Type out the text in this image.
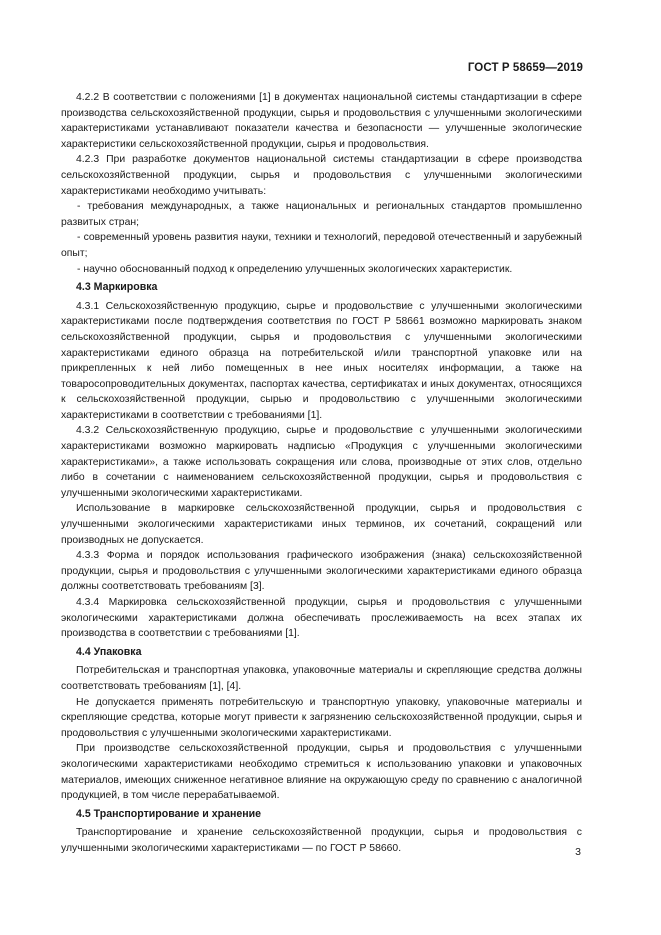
ГОСТ Р 58659—2019

4.2.2 В соответствии с положениями [1] в документах национальной системы стандартизации в сфере производства сельскохозяйственной продукции, сырья и продовольствия с улучшенными экологическими характеристиками устанавливают показатели качества и безопасности — улучшенные экологические характеристики сельскохозяйственной продукции, сырья и продовольствия.

4.2.3 При разработке документов национальной системы стандартизации в сфере производства сельскохозяйственной продукции, сырья и продовольствия с улучшенными экологическими характеристиками необходимо учитывать:

- требования международных, а также национальных и региональных стандартов промышленно развитых стран;

- современный уровень развития науки, техники и технологий, передовой отечественный и зарубежный опыт;

- научно обоснованный подход к определению улучшенных экологических характеристик.

4.3 Маркировка

4.3.1 Сельскохозяйственную продукцию, сырье и продовольствие с улучшенными экологическими характеристиками после подтверждения соответствия по ГОСТ Р 58661 возможно маркировать знаком сельскохозяйственной продукции, сырья и продовольствия с улучшенными экологическими характеристиками единого образца на потребительской и/или транспортной упаковке или на прикрепленных к ней либо помещенных в нее иных носителях информации, а также на товаросопроводительных документах, паспортах качества, сертификатах и иных документах, относящихся к сельскохозяйственной продукции, сырью и продовольствию с улучшенными экологическими характеристиками в соответствии с требованиями [1].

4.3.2 Сельскохозяйственную продукцию, сырье и продовольствие с улучшенными экологическими характеристиками возможно маркировать надписью «Продукция с улучшенными экологическими характеристиками», а также использовать сокращения или слова, производные от этих слов, отдельно либо в сочетании с наименованием сельскохозяйственной продукции, сырья и продовольствия с улучшенными экологическими характеристиками.

Использование в маркировке сельскохозяйственной продукции, сырья и продовольствия с улучшенными экологическими характеристиками иных терминов, их сочетаний, сокращений или производных не допускается.

4.3.3 Форма и порядок использования графического изображения (знака) сельскохозяйственной продукции, сырья и продовольствия с улучшенными экологическими характеристиками единого образца должны соответствовать требованиям [3].

4.3.4 Маркировка сельскохозяйственной продукции, сырья и продовольствия с улучшенными экологическими характеристиками должна обеспечивать прослеживаемость на всех этапах их производства в соответствии с требованиями [1].

4.4 Упаковка

Потребительская и транспортная упаковка, упаковочные материалы и скрепляющие средства должны соответствовать требованиям [1], [4].

Не допускается применять потребительскую и транспортную упаковку, упаковочные материалы и скрепляющие средства, которые могут привести к загрязнению сельскохозяйственной продукции, сырья и продовольствия с улучшенными экологическими характеристиками.

При производстве сельскохозяйственной продукции, сырья и продовольствия с улучшенными экологическими характеристиками необходимо стремиться к использованию упаковки и упаковочных материалов, имеющих сниженное негативное влияние на окружающую среду по сравнению с аналогичной продукцией, в том числе перерабатываемой.

4.5 Транспортирование и хранение

Транспортирование и хранение сельскохозяйственной продукции, сырья и продовольствия с улучшенными экологическими характеристиками — по ГОСТ Р 58660.	3
